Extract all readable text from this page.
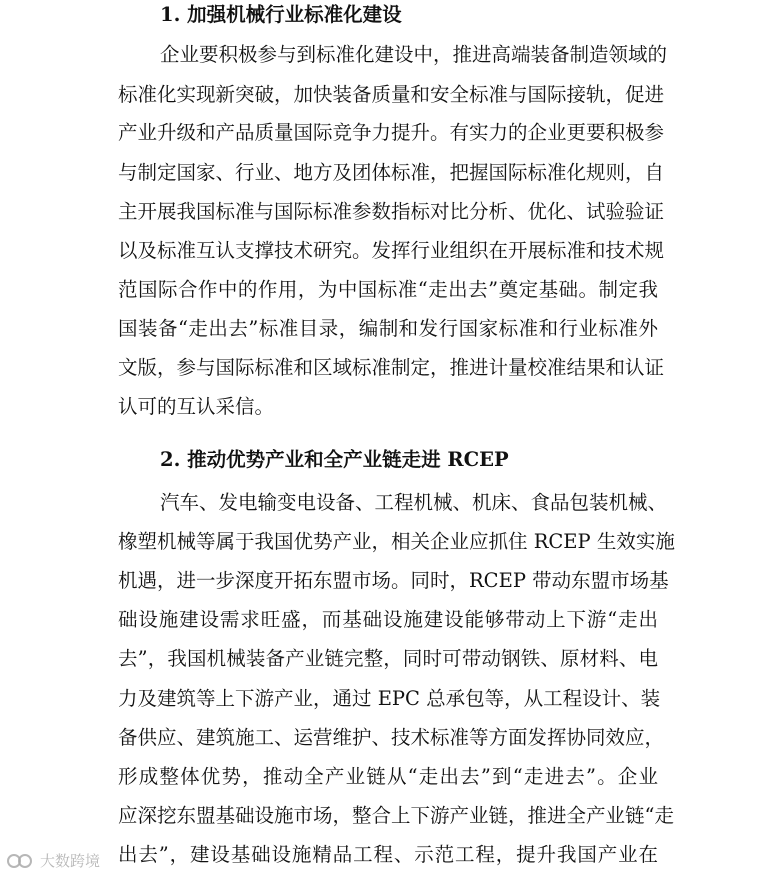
1. 加强机械行业标准化建设
企业要积极参与到标准化建设中，推进高端装备制造领域的
标准化实现新突破，加快装备质量和安全标准与国际接轨，促进
产业升级和产品质量国际竞争力提升。有实力的企业更要积极参
与制定国家、行业、地方及团体标准，把握国际标准化规则，自
主开展我国标准与国际标准参数指标对比分析、优化、试验验证
以及标准互认支撑技术研究。发挥行业组织在开展标准和技术规
范国际合作中的作用，为中国标准“走出去”奠定基础。制定我
国装备“走出去”标准目录，编制和发行国家标准和行业标准外
文版，参与国际标准和区域标准制定，推进计量校准结果和认证
认可的互认采信。
2. 推动优势产业和全产业链走进 RCEP
汽车、发电输变电设备、工程机械、机床、食品包装机械、
橡塑机械等属于我国优势产业，相关企业应抓住 RCEP 生效实施
机遇，进一步深度开拓东盟市场。同时，RCEP 带动东盟市场基
础设施建设需求旺盛，而基础设施建设能够带动上下游“走出
去”，我国机械装备产业链完整，同时可带动钢铁、原材料、电
力及建筑等上下游产业，通过 EPC 总承包等，从工程设计、装
备供应、建筑施工、运营维护、技术标准等方面发挥协同效应，
形成整体优势，推动全产业链从“走出去”到“走进去”。企业
应深挖东盟基础设施市场，整合上下游产业链，推进全产业链“走
出去”，建设基础设施精品工程、示范工程，提升我国产业在
大数跨境
